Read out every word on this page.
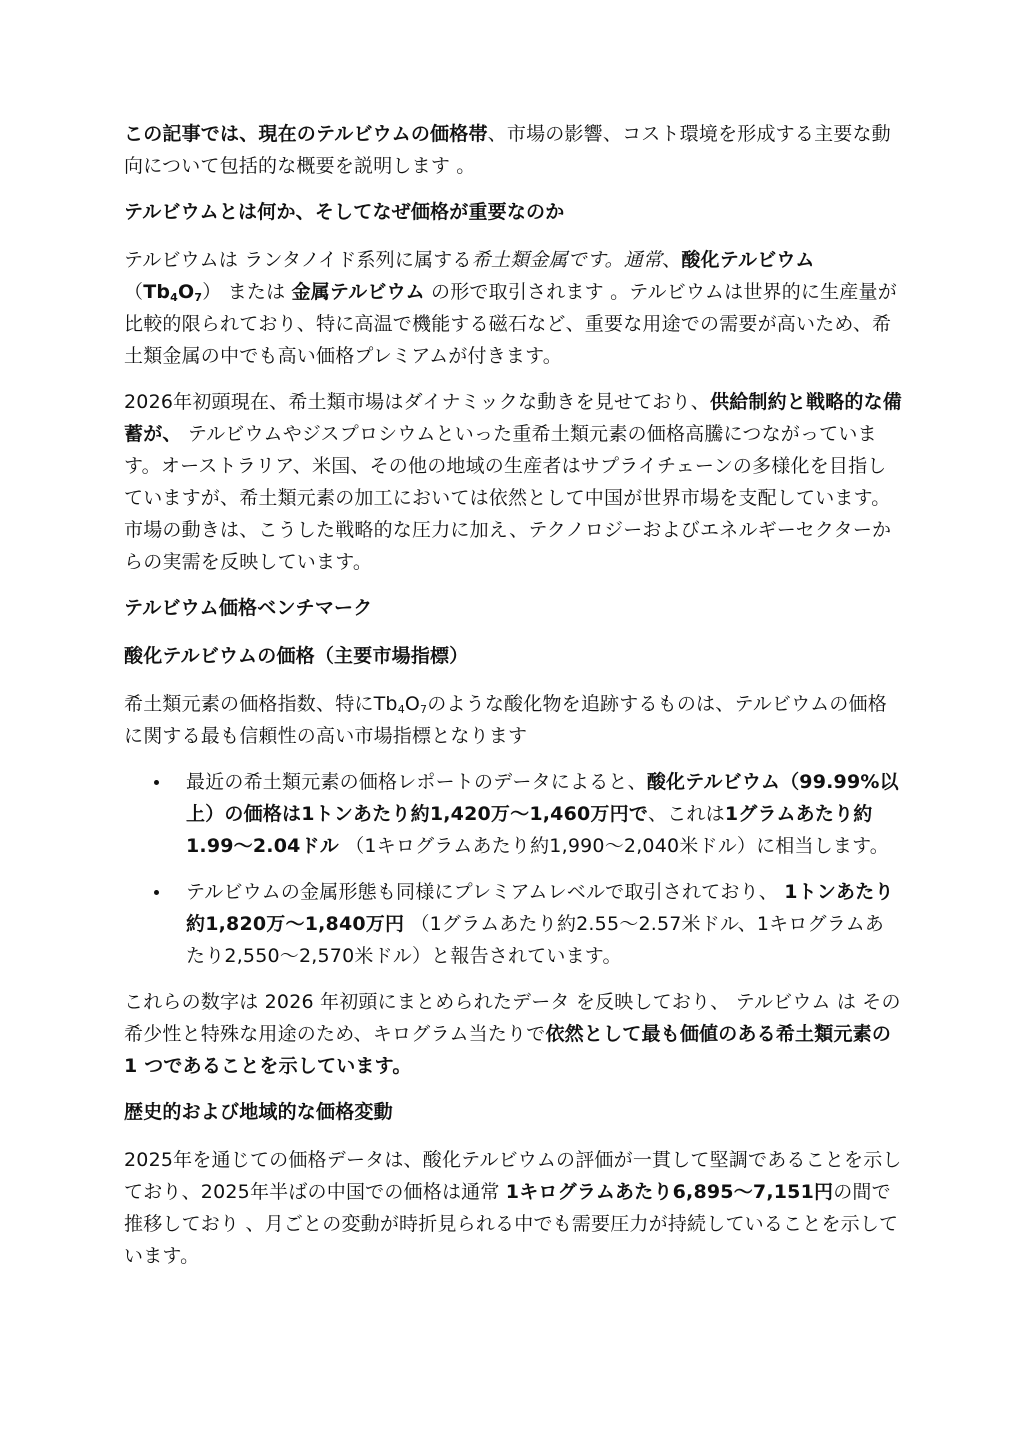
この記事では、現在のテルビウムの価格帯、市場の影響、コスト環境を形成する主要な動向について包括的な概要を説明します 。

テルビウムとは何か、そしてなぜ価格が重要なのか

テルビウムは ランタノイド系列に属する希土類金属です。通常、酸化テルビウム$(Tb_4O_7)$ または 金属テルビウム の形で取引されます 。テルビウムは世界的に生産量が比較的限られており、特に高温で機能する磁石など、重要な用途での需要が高いため、希土類金属の中でも高い価格プレミアムが付きます。

2026年初頭現在、希土類市場はダイナミックな動きを見せており、供給制約と戦略的な備蓄が、 テルビウムやジスプロシウムといった重希土類元素の価格高騰につながっています。オーストラリア、米国、その他の地域の生産者はサプライチェーンの多様化を目指していますが、希土類元素の加工においては依然として中国が世界市場を支配しています。市場の動きは、こうした戦略的な圧力に加え、テクノロジーおよびエネルギーセクターからの実需を反映しています。

テルビウム価格ベンチマーク

酸化テルビウムの価格（主要市場指標）

希土類元素の価格指数、特に$Tb_4O_7$のような酸化物を追跡するものは、テルビウムの価格に関する最も信頼性の高い市場指標となります

最近の希土類元素の価格レポートのデータによると、酸化テルビウム（99.99%以上）の価格は1トンあたり約1,420万～1,460万円で、これは1グラムあたり約1.99～2.04ドル （1キログラムあたり約1,990～2,040米ドル）に相当します。
テルビウムの金属形態も同様にプレミアムレベルで取引されており、 1トンあたり約1,820万～1,840万円 （1グラムあたり約2.55～2.57米ドル、1キログラムあたり2,550～2,570米ドル）と報告されています。

これらの数字は 2026 年初頭にまとめられたデータ を反映しており、 テルビウム は その希少性と特殊な用途のため、キログラム当たりで依然として最も価値のある希土類元素の 1 つであることを示しています。

歴史的および地域的な価格変動

2025年を通じての価格データは、酸化テルビウムの評価が一貫して堅調であることを示しており、2025年半ばの中国での価格は通常 1キログラムあたり6,895～7,151円の間で推移しており 、月ごとの変動が時折見られる中でも需要圧力が持続していることを示しています。
